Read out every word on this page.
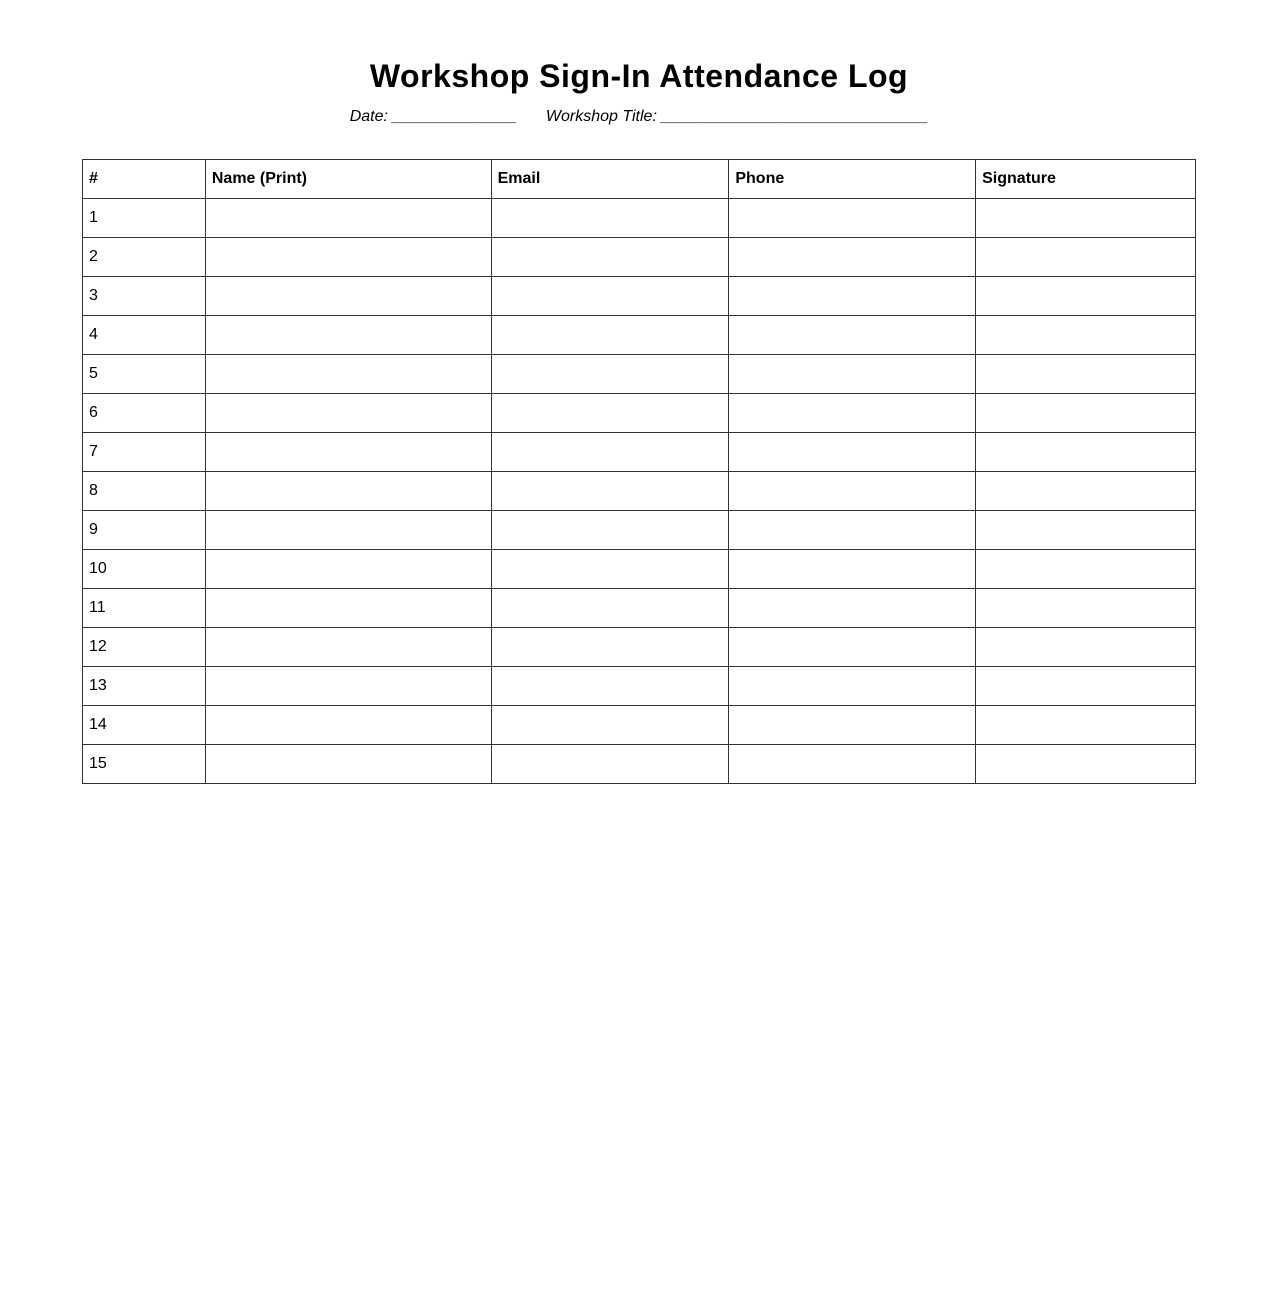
Workshop Sign-In Attendance Log
Date: ______________ Workshop Title: ______________________________
#	Name (Print)	Email	Phone	Signature
1				
2				
3				
4				
5				
6				
7				
8				
9				
10				
11				
12				
13				
14				
15				
